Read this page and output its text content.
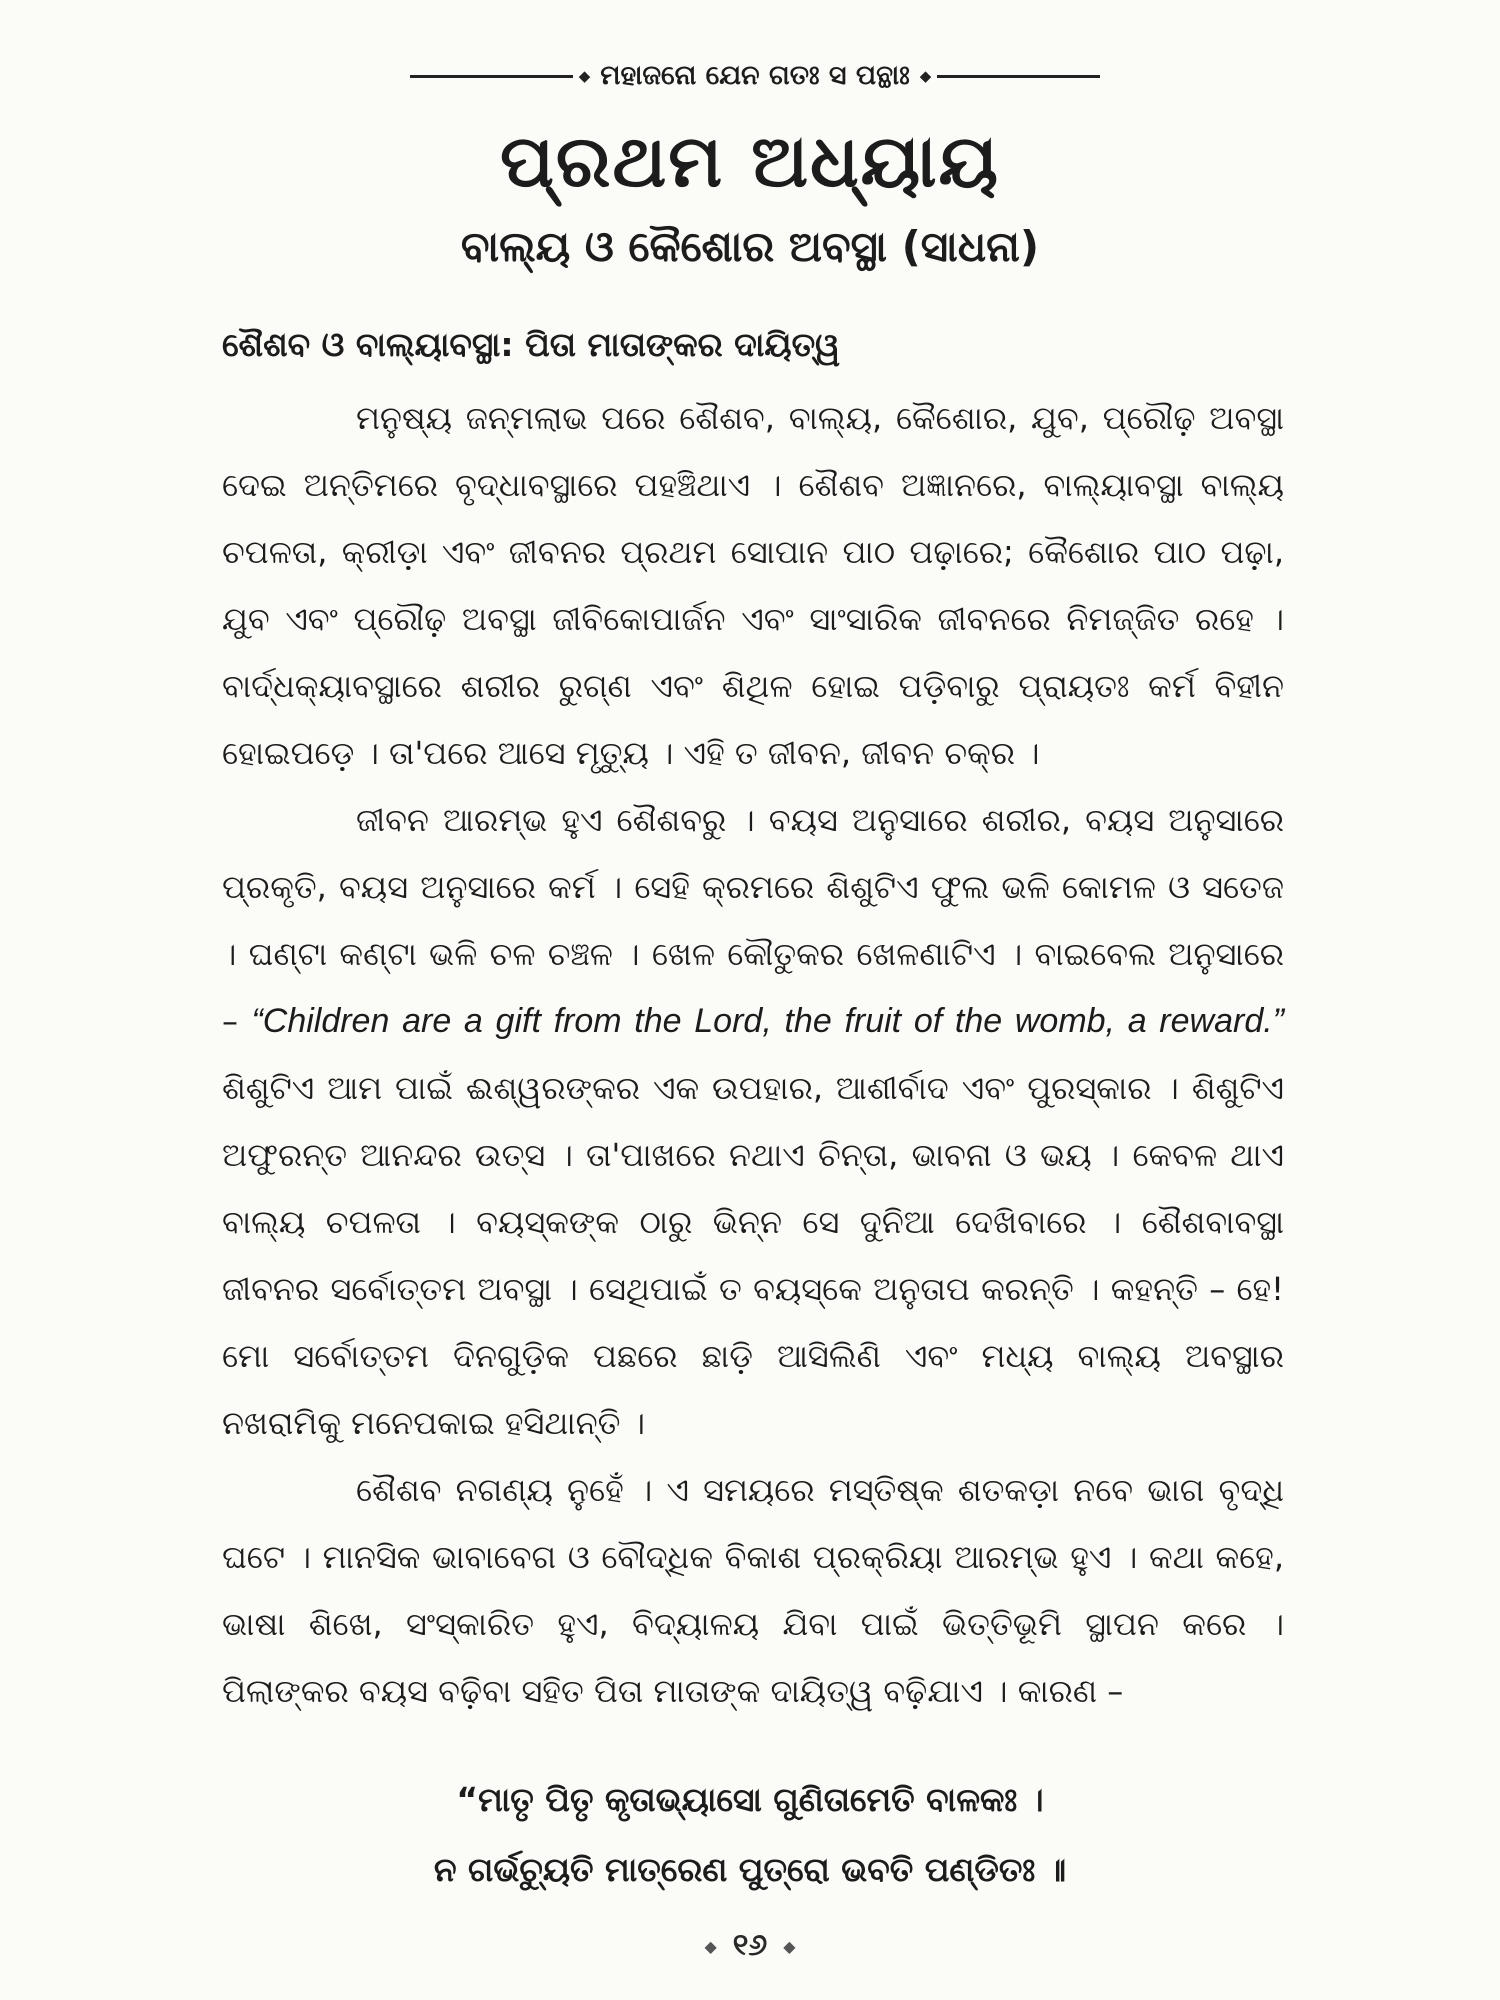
◆ ମହାଜନୋ ଯେନ ଗତଃ ସ ପନ୍ଥାଃ ◆
ପ୍ରଥମ ଅଧ୍ୟାୟ
ବାଲ୍ୟ ଓ କୈଶୋର ଅବସ୍ଥା (ସାଧନା)
ଶୈଶବ ଓ ବାଲ୍ୟାବସ୍ଥା: ପିତା ମାତାଙ୍କର ଦାୟିତ୍ୱ

ମନୁଷ୍ୟ ଜନ୍ମଲାଭ ପରେ ଶୈଶବ, ବାଲ୍ୟ, କୈଶୋର, ଯୁବ, ପ୍ରୌଢ଼ ଅବସ୍ଥା ଦେଇ ଅନ୍ତିମରେ ବୃଦ୍ଧାବସ୍ଥାରେ ପହଞ୍ଚିଥାଏ । ଶୈଶବ ଅଜ୍ଞାନରେ, ବାଲ୍ୟାବସ୍ଥା ବାଲ୍ୟ ଚପଳତା, କ୍ରୀଡ଼ା ଏବଂ ଜୀବନର ପ୍ରଥମ ସୋପାନ ପାଠ ପଢ଼ାରେ; କୈଶୋର ପାଠ ପଢ଼ା, ଯୁବ ଏବଂ ପ୍ରୌଢ଼ ଅବସ୍ଥା ଜୀବିକୋପାର୍ଜନ ଏବଂ ସାଂସାରିକ ଜୀବନରେ ନିମଜ୍ଜିତ ରହେ । ବାର୍ଦ୍ଧକ୍ୟାବସ୍ଥାରେ ଶରୀର ରୁଗ୍‌ଣ ଏବଂ ଶିଥିଳ ହୋଇ ପଡ଼ିବାରୁ ପ୍ରାୟତଃ କର୍ମ ବିହୀନ ହୋଇପଡ଼େ । ତା'ପରେ ଆସେ ମୃତ୍ୟୁ । ଏହି ତ ଜୀବନ, ଜୀବନ ଚକ୍ର ।

ଜୀବନ ଆରମ୍ଭ ହୁଏ ଶୈଶବରୁ । ବୟସ ଅନୁସାରେ ଶରୀର, ବୟସ ଅନୁସାରେ ପ୍ରକୃତି, ବୟସ ଅନୁସାରେ କର୍ମ । ସେହି କ୍ରମରେ ଶିଶୁଟିଏ ଫୁଲ ଭଳି କୋମଳ ଓ ସତେଜ । ଘଣ୍ଟା କଣ୍ଟା ଭଳି ଚଳ ଚଞ୍ଚଳ । ଖେଳ କୌତୁକର ଖେଳଣାଟିଏ । ବାଇବେଲ ଅନୁସାରେ – “Children are a gift from the Lord, the fruit of the womb, a reward.” ଶିଶୁଟିଏ ଆମ ପାଇଁ ଈଶ୍ୱରଙ୍କର ଏକ ଉପହାର, ଆଶୀର୍ବାଦ ଏବଂ ପୁରସ୍କାର । ଶିଶୁଟିଏ ଅଫୁରନ୍ତ ଆନନ୍ଦର ଉତ୍ସ । ତା'ପାଖରେ ନଥାଏ ଚିନ୍ତା, ଭାବନା ଓ ଭୟ । କେବଳ ଥାଏ ବାଲ୍ୟ ଚପଳତା । ବୟସ୍କଙ୍କ ଠାରୁ ଭିନ୍ନ ସେ ଦୁନିଆ ଦେଖିବାରେ । ଶୈଶବାବସ୍ଥା ଜୀବନର ସର୍ବୋତ୍ତମ ଅବସ୍ଥା । ସେଥିପାଇଁ ତ ବୟସ୍କେ ଅନୁତାପ କରନ୍ତି । କହନ୍ତି – ହେ! ମୋ ସର୍ବୋତ୍ତମ ଦିନଗୁଡ଼ିକ ପଛରେ ଛାଡ଼ି ଆସିଲିଣି ଏବଂ ମଧ୍ୟ ବାଲ୍ୟ ଅବସ୍ଥାର ନଖରାମିକୁ ମନେପକାଇ ହସିଥାନ୍ତି ।

ଶୈଶବ ନଗଣ୍ୟ ନୁହେଁ । ଏ ସମୟରେ ମସ୍ତିଷ୍କ ଶତକଡ଼ା ନବେ ଭାଗ ବୃଦ୍ଧି ଘଟେ । ମାନସିକ ଭାବାବେଗ ଓ ବୌଦ୍ଧିକ ବିକାଶ ପ୍ରକ୍ରିୟା ଆରମ୍ଭ ହୁଏ । କଥା କହେ, ଭାଷା ଶିଖେ, ସଂସ୍କାରିତ ହୁଏ, ବିଦ୍ୟାଳୟ ଯିବା ପାଇଁ ଭିତ୍ତିଭୂମି ସ୍ଥାପନ କରେ । ପିଲାଙ୍କର ବୟସ ବଢ଼ିବା ସହିତ ପିତା ମାତାଙ୍କ ଦାୟିତ୍ୱ ବଢ଼ିଯାଏ । କାରଣ –

“ମାତୃ ପିତୃ କୃତାଭ୍ୟାସୋ ଗୁଣିତାମେତି ବାଳକଃ ।
ନ ଗର୍ଭଚ୍ୟୁତି ମାତ୍ରେଣ ପୁତ୍ରୋ ଭବତି ପଣ୍ଡିତଃ ॥
◆ ୧୬ ◆
